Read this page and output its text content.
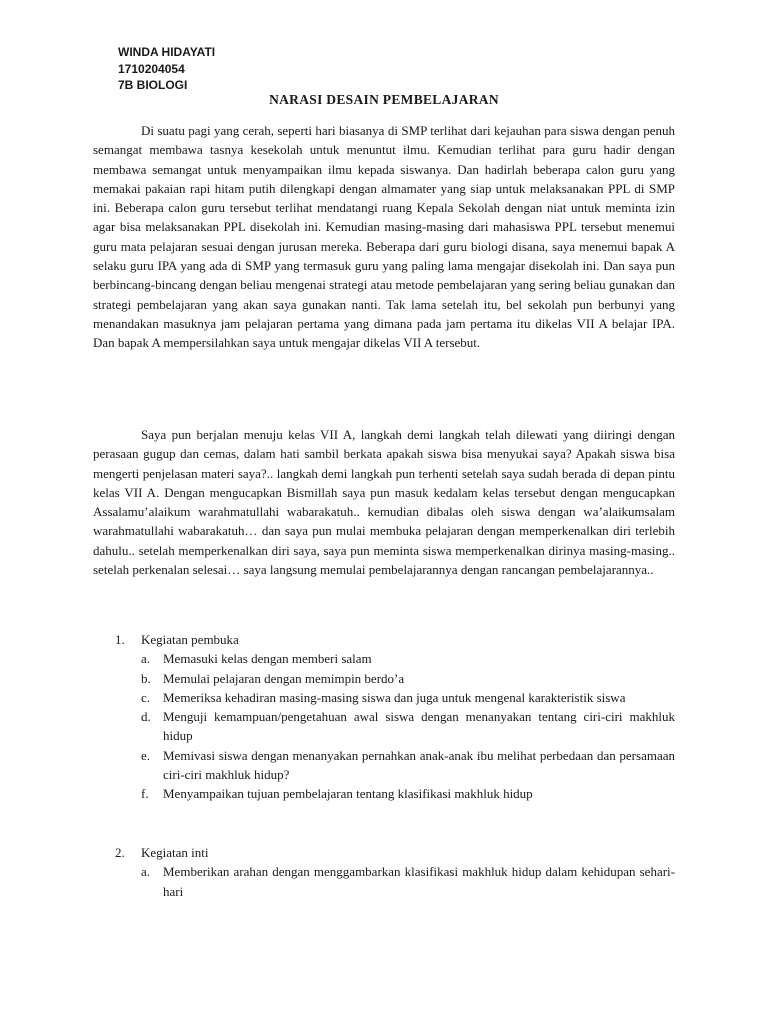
WINDA HIDAYATI
1710204054
7B BIOLOGI
NARASI DESAIN PEMBELAJARAN

Di suatu pagi yang cerah, seperti hari biasanya di SMP terlihat dari kejauhan para siswa dengan penuh semangat membawa tasnya kesekolah untuk menuntut ilmu. Kemudian terlihat para guru hadir dengan membawa semangat untuk menyampaikan ilmu kepada siswanya. Dan hadirlah beberapa calon guru yang memakai pakaian rapi hitam putih dilengkapi dengan almamater yang siap untuk melaksanakan PPL di SMP ini. Beberapa calon guru tersebut terlihat mendatangi ruang Kepala Sekolah dengan niat untuk meminta izin agar bisa melaksanakan PPL disekolah ini. Kemudian masing-masing dari mahasiswa PPL tersebut menemui guru mata pelajaran sesuai dengan jurusan mereka. Beberapa dari guru biologi disana, saya menemui bapak A selaku guru IPA yang ada di SMP yang termasuk guru yang paling lama mengajar disekolah ini. Dan saya pun berbincang-bincang dengan beliau mengenai strategi atau metode pembelajaran yang sering beliau gunakan dan strategi pembelajaran yang akan saya gunakan nanti. Tak lama setelah itu, bel sekolah pun berbunyi yang menandakan masuknya jam pelajaran pertama yang dimana pada jam pertama itu dikelas VII A belajar IPA. Dan bapak A mempersilahkan saya untuk mengajar dikelas VII A tersebut.

Saya pun berjalan menuju kelas VII A, langkah demi langkah telah dilewati yang diiringi dengan perasaan gugup dan cemas, dalam hati sambil berkata apakah siswa bisa menyukai saya? Apakah siswa bisa mengerti penjelasan materi saya?.. langkah demi langkah pun terhenti setelah saya sudah berada di depan pintu kelas VII A. Dengan mengucapkan Bismillah saya pun masuk kedalam kelas tersebut dengan mengucapkan Assalamu’alaikum warahmatullahi wabarakatuh.. kemudian dibalas oleh siswa dengan wa’alaikumsalam warahmatullahi wabarakatuh… dan saya pun mulai membuka pelajaran dengan memperkenalkan diri terlebih dahulu.. setelah memperkenalkan diri saya, saya pun meminta siswa memperkenalkan dirinya masing-masing.. setelah perkenalan selesai… saya langsung memulai pembelajarannya dengan rancangan pembelajarannya..

1. Kegiatan pembuka
a. Memasuki kelas dengan memberi salam
b. Memulai pelajaran dengan memimpin berdo’a
c. Memeriksa kehadiran masing-masing siswa dan juga untuk mengenal karakteristik siswa
d. Menguji kemampuan/pengetahuan awal siswa dengan menanyakan tentang ciri-ciri makhluk hidup
e. Memivasi siswa dengan menanyakan pernahkan anak-anak ibu melihat perbedaan dan persamaan ciri-ciri makhluk hidup?
f. Menyampaikan tujuan pembelajaran tentang klasifikasi makhluk hidup
2. Kegiatan inti
a. Memberikan arahan dengan menggambarkan klasifikasi makhluk hidup dalam kehidupan sehari-hari
